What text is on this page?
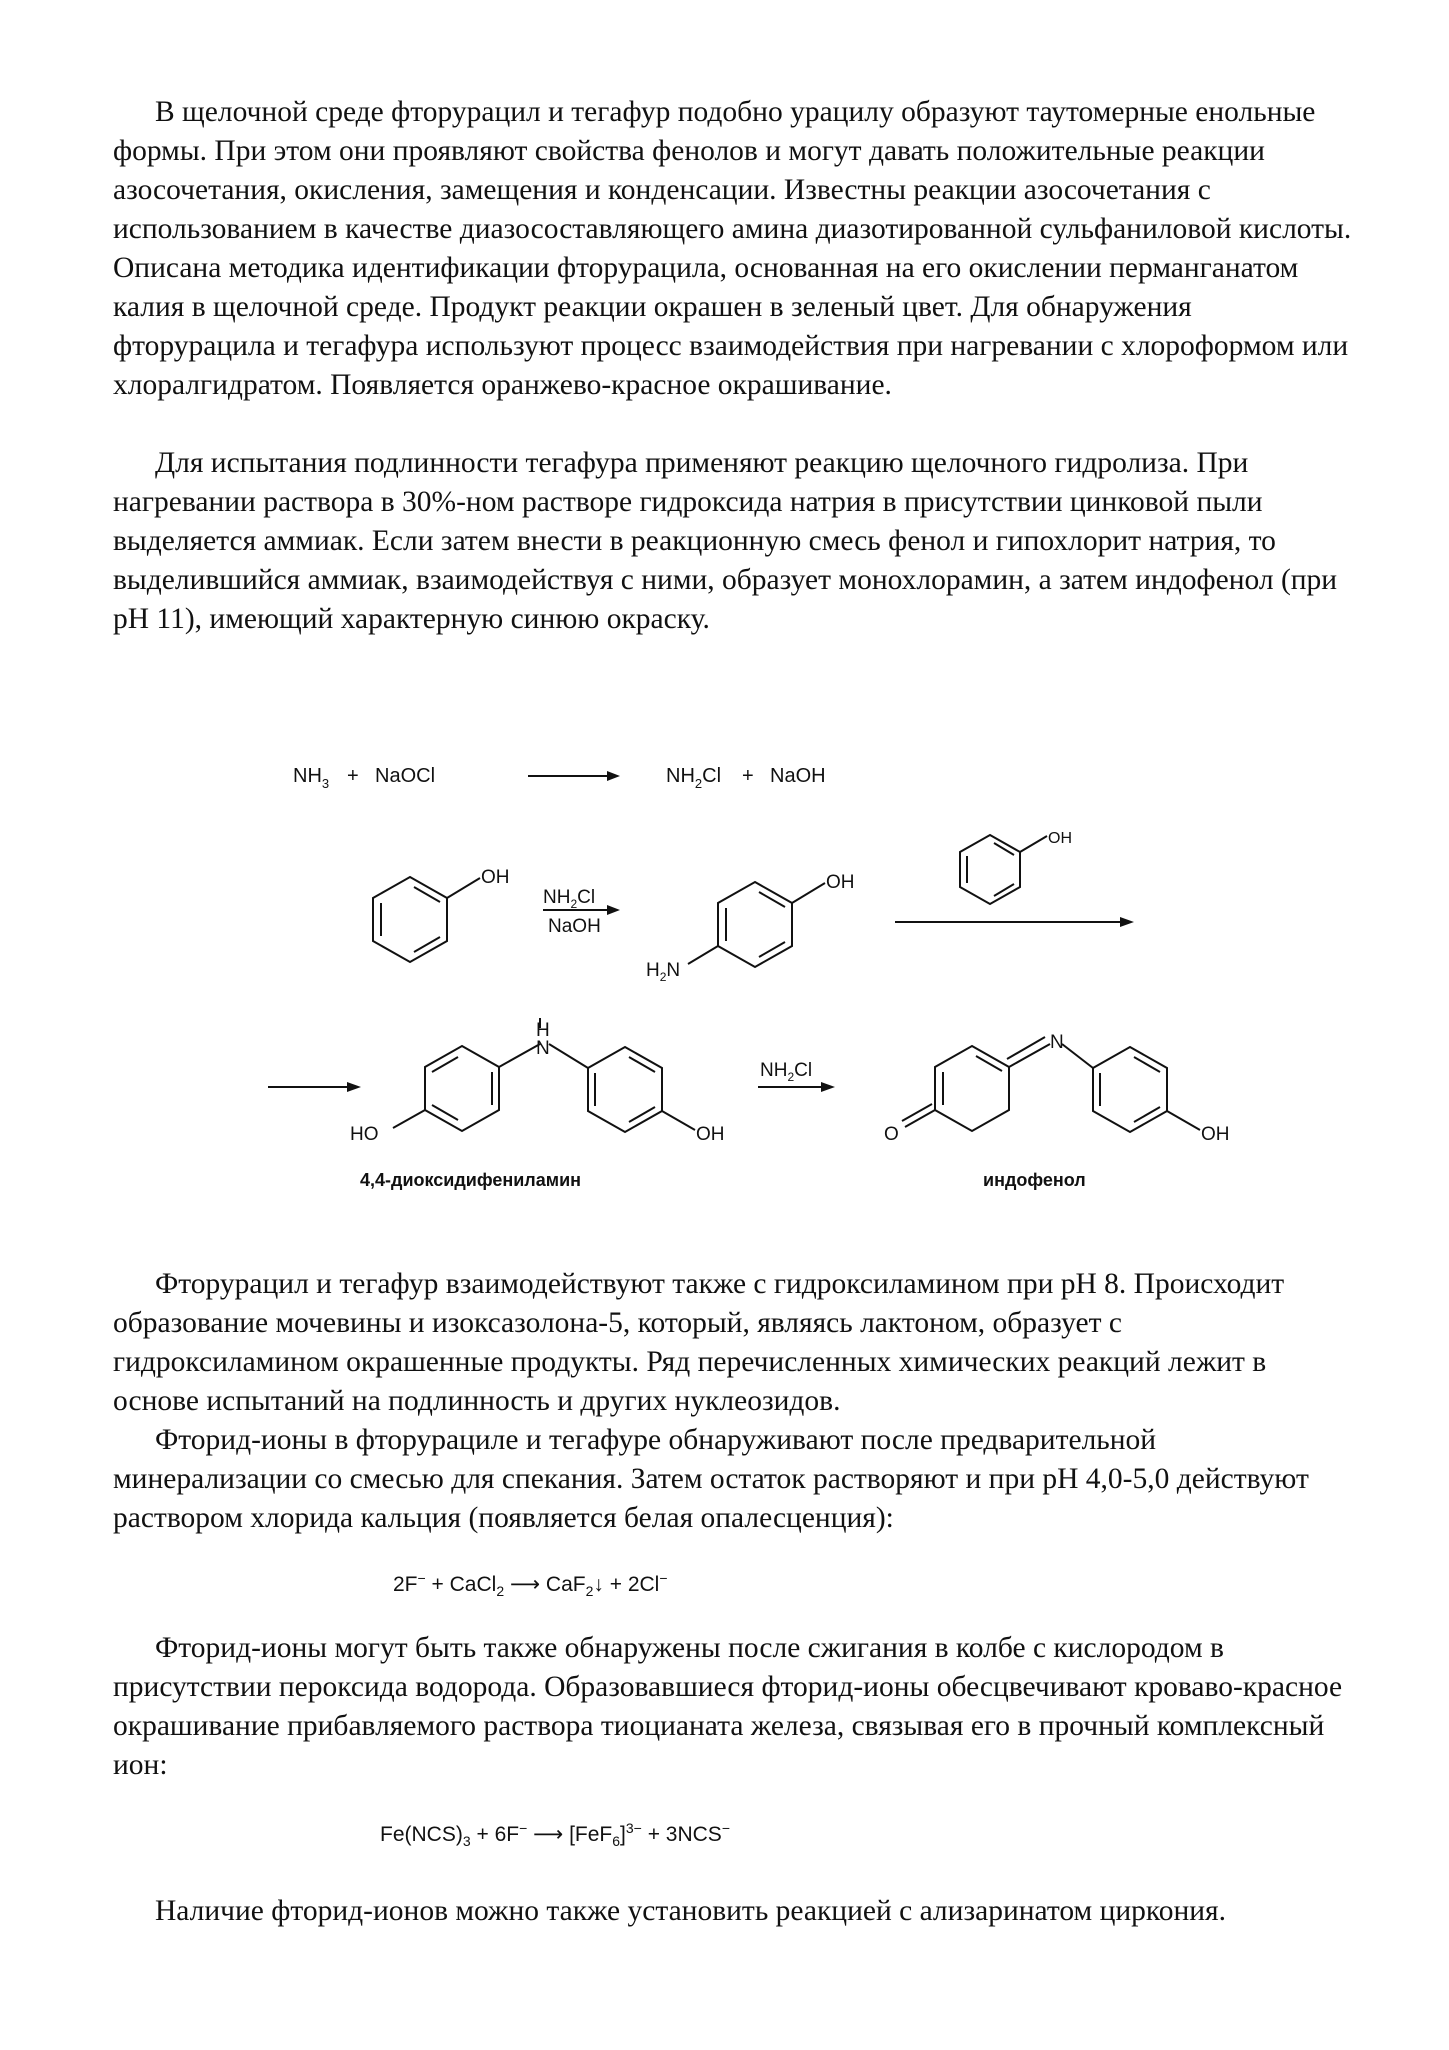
В щелочной среде фторурацил и тегафур подобно урацилу образуют таутомерные енольные формы. При этом они проявляют свойства фенолов и могут давать положительные реакции азосочетания, окисления, замещения и конденсации. Известны реакции азосочетания с использованием в качестве диазосоставляющего амина диазотированной сульфаниловой кислоты. Описана методика идентификации фторурацила, основанная на его окислении перманганатом калия в щелочной среде. Продукт реакции окрашен в зеленый цвет. Для обнаружения фторурацила и тегафура используют процесс взаимодействия при нагревании с хлороформом или хлоралгидратом. Появляется оранжево-красное окрашивание.

Для испытания подлинности тегафура применяют реакцию щелочного гидролиза. При нагревании раствора в 30%-ном растворе гидроксида натрия в присутствии цинковой пыли выделяется аммиак. Если затем внести в реакционную смесь фенол и гипохлорит натрия, то выделившийся аммиак, взаимодействуя с ними, образует монохлорамин, а затем индофенол (при рН 11), имеющий характерную синюю окраску.

$NH_3$ + NaOCl	$NH_2Cl$ + NaOH
OH
$NH_2Cl$
NaOH
OH
$H_2N$
OH
H
N
HO	OH
4,4-диоксидифениламин
$NH_2Cl$
N
O	OH
индофенол

Фторурацил и тегафур взаимодействуют также с гидроксиламином при рН 8. Происходит образование мочевины и изоксазолона-5, который, являясь лактоном, образует с гидроксиламином окрашенные продукты. Ряд перечисленных химических реакций лежит в основе испытаний на подлинность и других нуклеозидов.

Фторид-ионы в фторурациле и тегафуре обнаруживают после предварительной минерализации со смесью для спекания. Затем остаток растворяют и при рН 4,0-5,0 действуют раствором хлорида кальция (появляется белая опалесценция):

2F− + CaCl$_2$ ⟶ CaF$_2$↓ + 2Cl−

Фторид-ионы могут быть также обнаружены после сжигания в колбе с кислородом в присутствии пероксида водорода. Образовавшиеся фторид-ионы обесцвечивают кроваво-красное окрашивание прибавляемого раствора тиоцианата железа, связывая его в прочный комплексный ион:

$Fe(NCS)_3 + 6F^-$ ⟶ $[FeF_6]^{3-} + 3NCS^-$

Наличие фторид-ионов можно также установить реакцией с ализаринатом циркония.
